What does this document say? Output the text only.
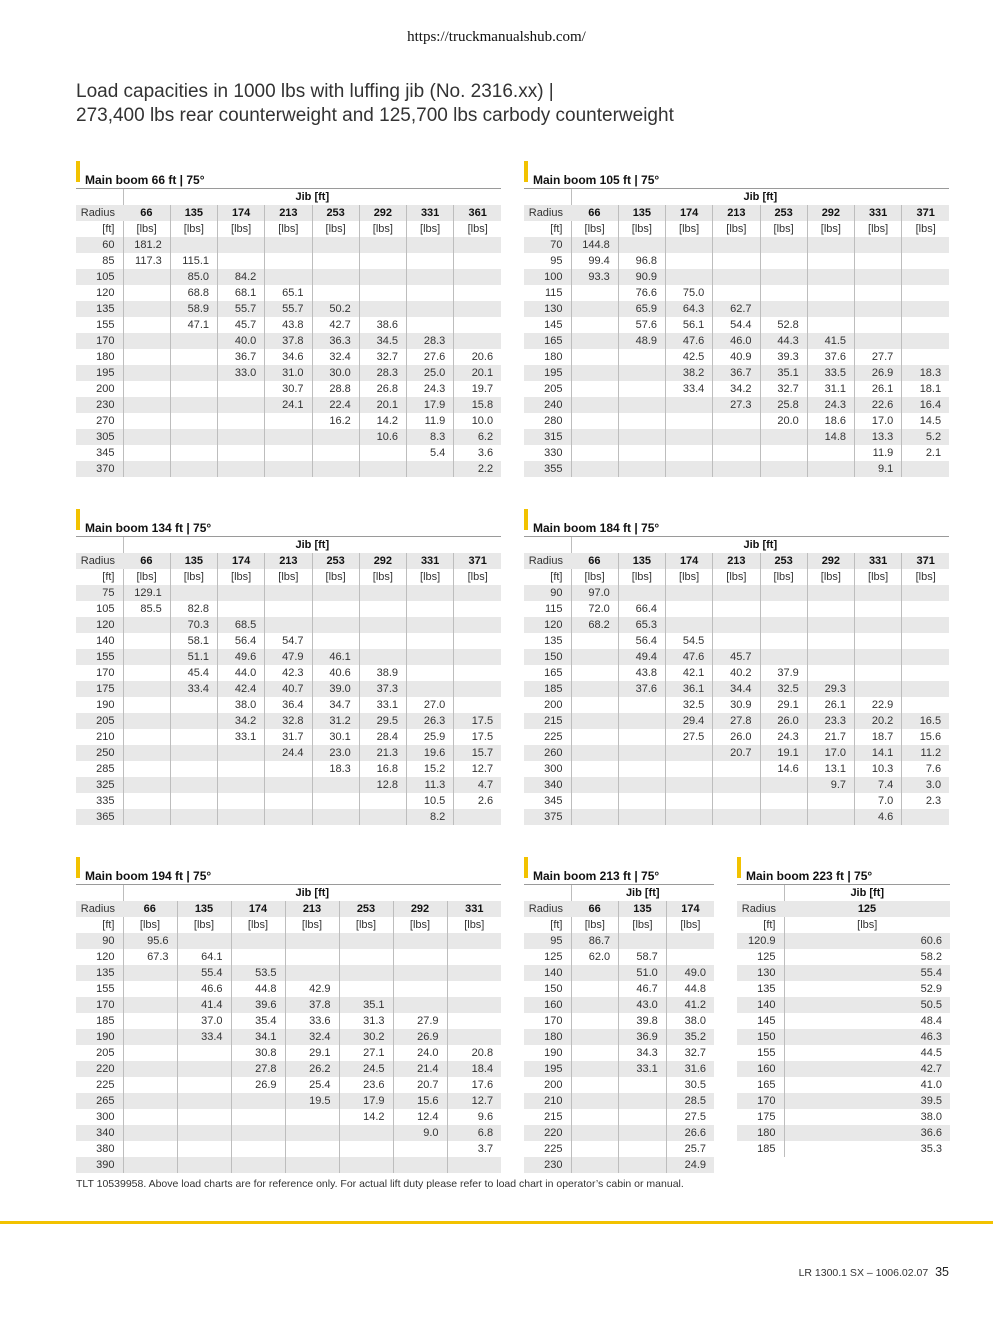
https://truckmanualshub.com/
Load capacities in 1000 lbs with luffing jib (No. 2316.xx) |
273,400 lbs rear counterweight and 125,700 lbs carbody counterweight
Main boom 66 ft | 75°
	Jib [ft]							
Radius	66	135	174	213	253	292	331	361
[ft]	[lbs]	[lbs]	[lbs]	[lbs]	[lbs]	[lbs]	[lbs]	[lbs]
60	181.2							
85	117.3	115.1						
105		85.0	84.2					
120		68.8	68.1	65.1				
135		58.9	55.7	55.7	50.2			
155		47.1	45.7	43.8	42.7	38.6		
170			40.0	37.8	36.3	34.5	28.3	
180			36.7	34.6	32.4	32.7	27.6	20.6
195			33.0	31.0	30.0	28.3	25.0	20.1
200				30.7	28.8	26.8	24.3	19.7
230				24.1	22.4	20.1	17.9	15.8
270					16.2	14.2	11.9	10.0
305						10.6	8.3	6.2
345							5.4	3.6
370								2.2
Main boom 105 ft | 75°
	Jib [ft]							
Radius	66	135	174	213	253	292	331	371
[ft]	[lbs]	[lbs]	[lbs]	[lbs]	[lbs]	[lbs]	[lbs]	[lbs]
70	144.8							
95	99.4	96.8						
100	93.3	90.9						
115		76.6	75.0					
130		65.9	64.3	62.7				
145		57.6	56.1	54.4	52.8			
165		48.9	47.6	46.0	44.3	41.5		
180			42.5	40.9	39.3	37.6	27.7	
195			38.2	36.7	35.1	33.5	26.9	18.3
205			33.4	34.2	32.7	31.1	26.1	18.1
240				27.3	25.8	24.3	22.6	16.4
280					20.0	18.6	17.0	14.5
315						14.8	13.3	5.2
330							11.9	2.1
355							9.1	
Main boom 134 ft | 75°
	Jib [ft]							
Radius	66	135	174	213	253	292	331	371
[ft]	[lbs]	[lbs]	[lbs]	[lbs]	[lbs]	[lbs]	[lbs]	[lbs]
75	129.1							
105	85.5	82.8						
120		70.3	68.5					
140		58.1	56.4	54.7				
155		51.1	49.6	47.9	46.1			
170		45.4	44.0	42.3	40.6	38.9		
175		33.4	42.4	40.7	39.0	37.3		
190			38.0	36.4	34.7	33.1	27.0	
205			34.2	32.8	31.2	29.5	26.3	17.5
210			33.1	31.7	30.1	28.4	25.9	17.5
250				24.4	23.0	21.3	19.6	15.7
285					18.3	16.8	15.2	12.7
325						12.8	11.3	4.7
335							10.5	2.6
365							8.2	
Main boom 184 ft | 75°
	Jib [ft]							
Radius	66	135	174	213	253	292	331	371
[ft]	[lbs]	[lbs]	[lbs]	[lbs]	[lbs]	[lbs]	[lbs]	[lbs]
90	97.0							
115	72.0	66.4						
120	68.2	65.3						
135		56.4	54.5					
150		49.4	47.6	45.7				
165		43.8	42.1	40.2	37.9			
185		37.6	36.1	34.4	32.5	29.3		
200			32.5	30.9	29.1	26.1	22.9	
215			29.4	27.8	26.0	23.3	20.2	16.5
225			27.5	26.0	24.3	21.7	18.7	15.6
260				20.7	19.1	17.0	14.1	11.2
300					14.6	13.1	10.3	7.6
340						9.7	7.4	3.0
345							7.0	2.3
375							4.6	
Main boom 194 ft | 75°
	Jib [ft]						
Radius	66	135	174	213	253	292	331
[ft]	[lbs]	[lbs]	[lbs]	[lbs]	[lbs]	[lbs]	[lbs]
90	95.6						
120	67.3	64.1					
135		55.4	53.5				
155		46.6	44.8	42.9			
170		41.4	39.6	37.8	35.1		
185		37.0	35.4	33.6	31.3	27.9	
190		33.4	34.1	32.4	30.2	26.9	
205			30.8	29.1	27.1	24.0	20.8
220			27.8	26.2	24.5	21.4	18.4
225			26.9	25.4	23.6	20.7	17.6
265				19.5	17.9	15.6	12.7
300					14.2	12.4	9.6
340						9.0	6.8
380							3.7
390							
Main boom 213 ft | 75°
	Jib [ft]		
Radius	66	135	174
[ft]	[lbs]	[lbs]	[lbs]
95	86.7		
125	62.0	58.7	
140		51.0	49.0
150		46.7	44.8
160		43.0	41.2
170		39.8	38.0
180		36.9	35.2
190		34.3	32.7
195		33.1	31.6
200			30.5
210			28.5
215			27.5
220			26.6
225			25.7
230			24.9
Main boom 223 ft | 75°
	Jib [ft]
Radius	125
[ft]	[lbs]
120.9	60.6
125	58.2
130	55.4
135	52.9
140	50.5
145	48.4
150	46.3
155	44.5
160	42.7
165	41.0
170	39.5
175	38.0
180	36.6
185	35.3
TLT 10539958. Above load charts are for reference only. For actual lift duty please refer to load chart in operator’s cabin or manual.
LR 1300.1 SX – 1006.02.07 35
